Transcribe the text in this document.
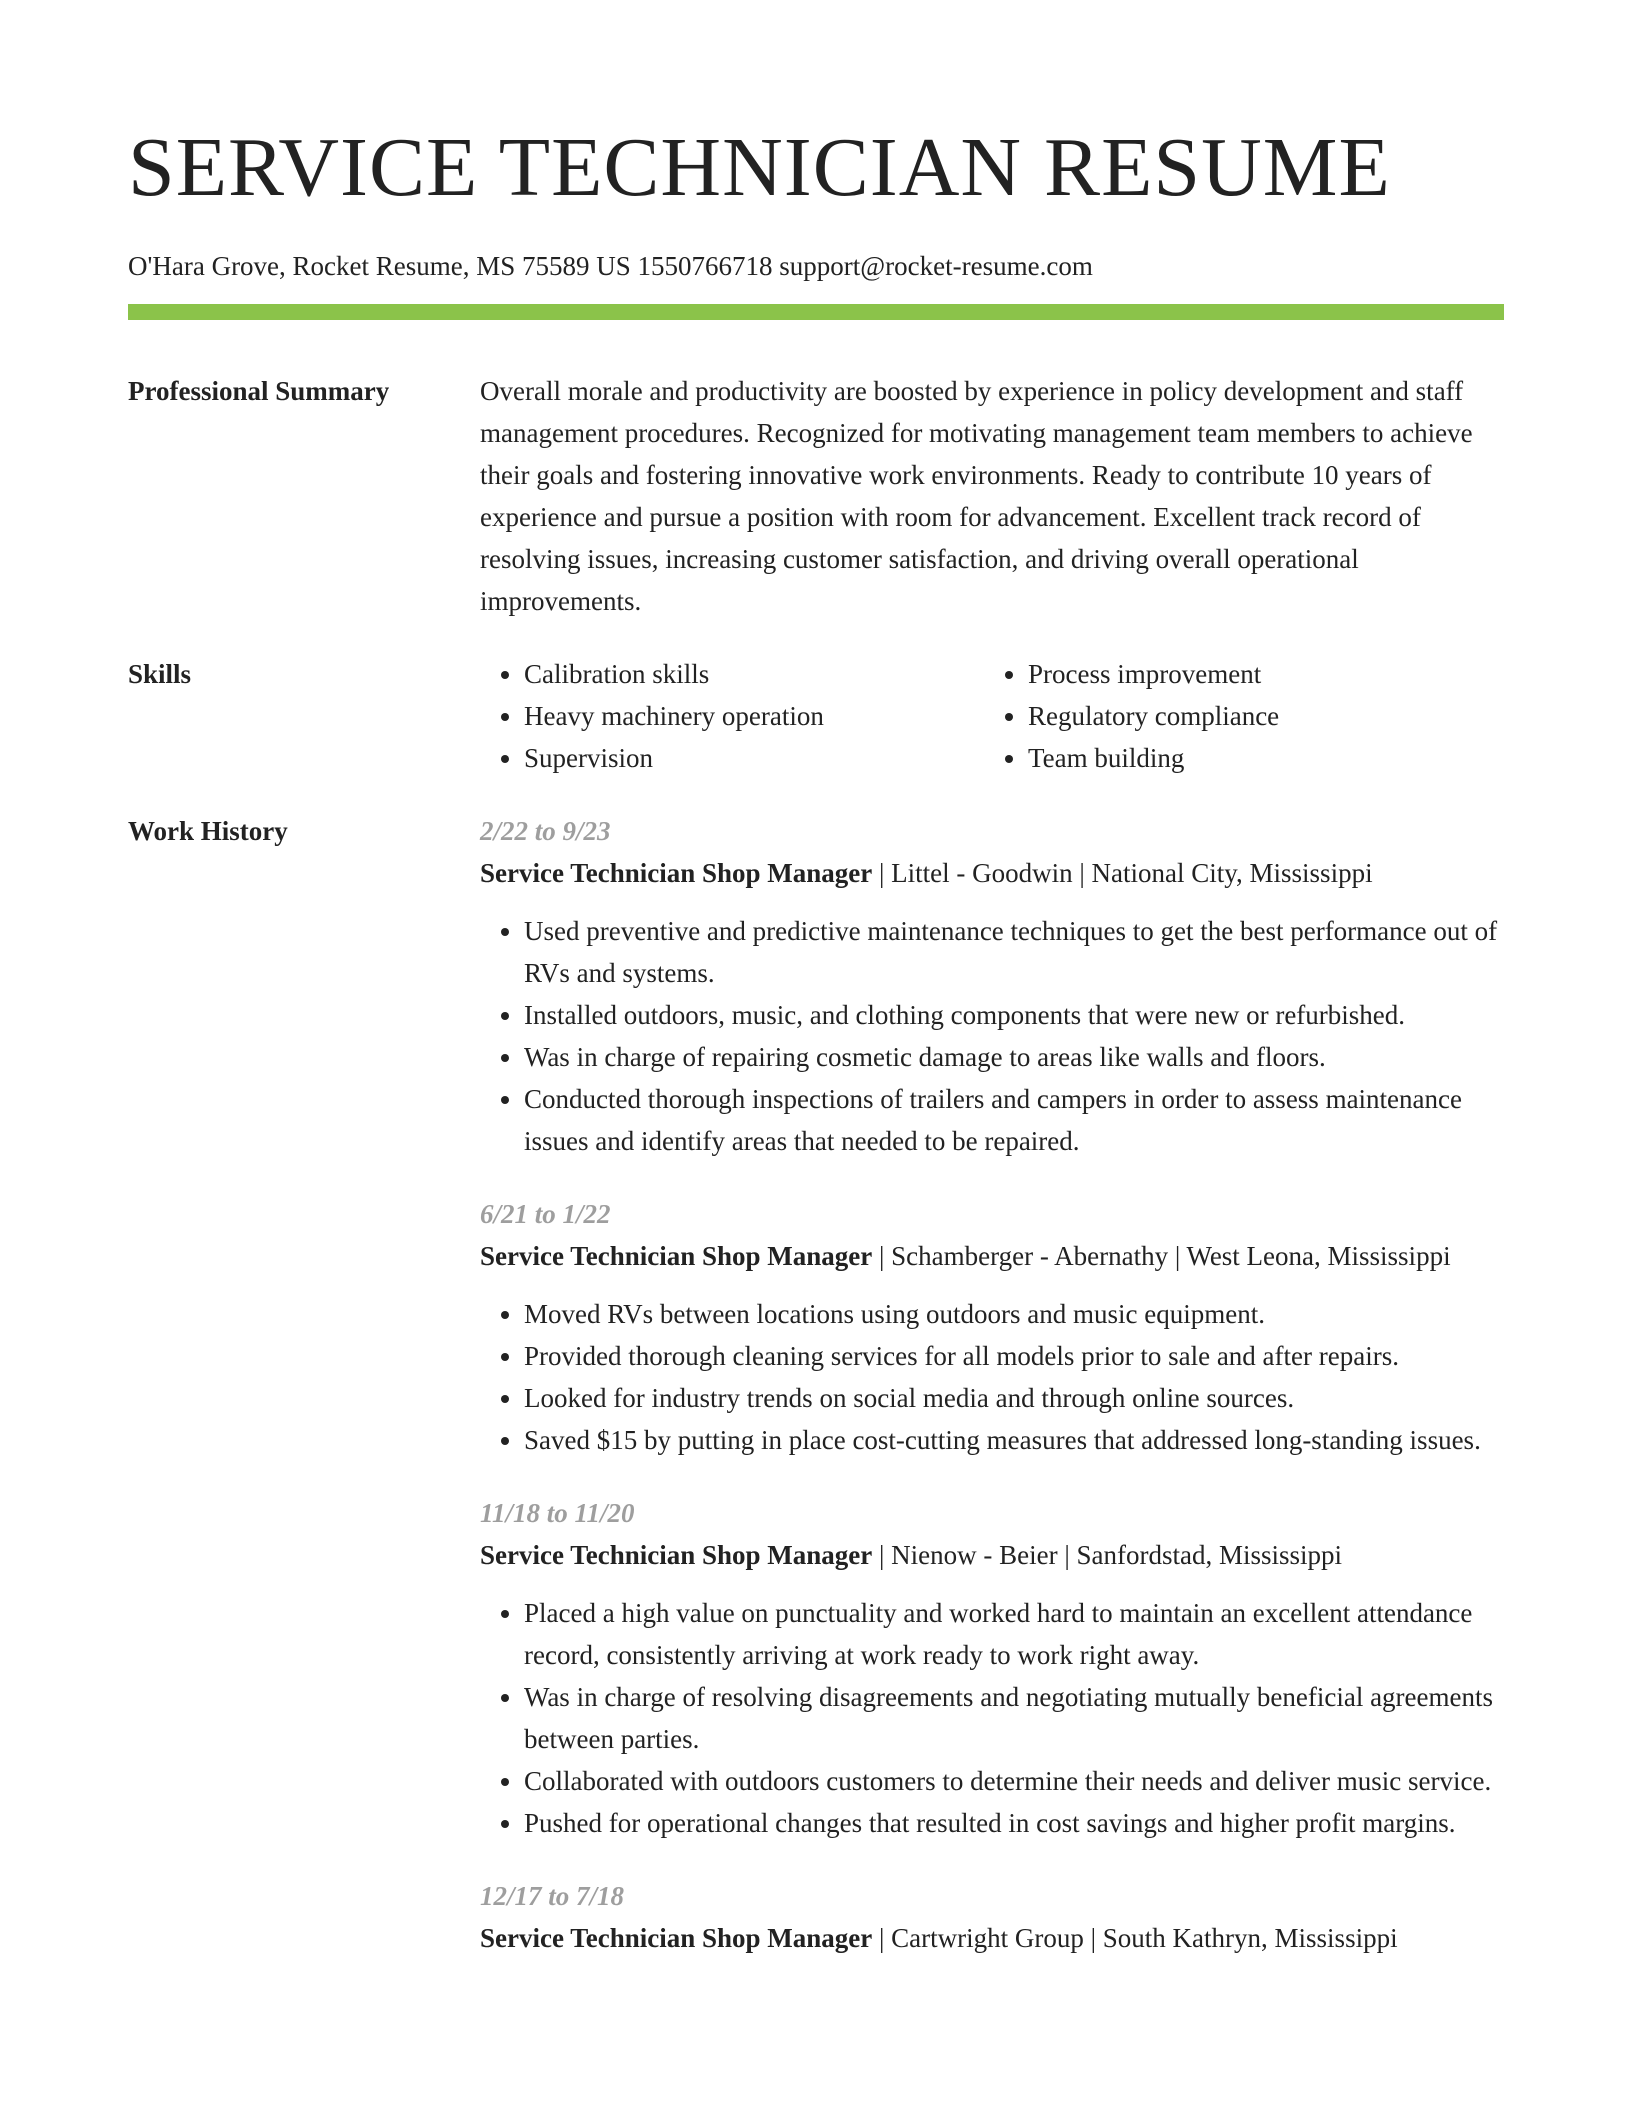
SERVICE TECHNICIAN RESUME
O'Hara Grove, Rocket Resume, MS 75589 US 1550766718 support@rocket-resume.com
Professional Summary	Overall morale and productivity are boosted by experience in policy development and staff management procedures. Recognized for motivating management team members to achieve their goals and fostering innovative work environments. Ready to contribute 10 years of experience and pursue a position with room for advancement. Excellent track record of resolving issues, increasing customer satisfaction, and driving overall operational improvements.

Skills
•	Calibration skills
• Heavy machinery operation
• Supervision
• Process improvement
• Regulatory compliance
• Team building
Work History	2/22 to 9/23

Service Technician Shop Manager | Littel - Goodwin | National City, Mississippi

• Used preventive and predictive maintenance techniques to get the best performance out of RVs and systems.
• Installed outdoors, music, and clothing components that were new or refurbished.
• Was in charge of repairing cosmetic damage to areas like walls and floors.
• Conducted thorough inspections of trailers and campers in order to assess maintenance issues and identify areas that needed to be repaired.
6/21 to 1/22

Service Technician Shop Manager | Schamberger - Abernathy | West Leona, Mississippi

• Moved RVs between locations using outdoors and music equipment.
• Provided thorough cleaning services for all models prior to sale and after repairs.
• Looked for industry trends on social media and through online sources.
• Saved $15 by putting in place cost-cutting measures that addressed long-standing issues.
11/18 to 11/20

Service Technician Shop Manager | Nienow - Beier | Sanfordstad, Mississippi

• Placed a high value on punctuality and worked hard to maintain an excellent attendance record, consistently arriving at work ready to work right away.
• Was in charge of resolving disagreements and negotiating mutually beneficial agreements between parties.
• Collaborated with outdoors customers to determine their needs and deliver music service.
• Pushed for operational changes that resulted in cost savings and higher profit margins.
12/17 to 7/18

Service Technician Shop Manager | Cartwright Group | South Kathryn, Mississippi
